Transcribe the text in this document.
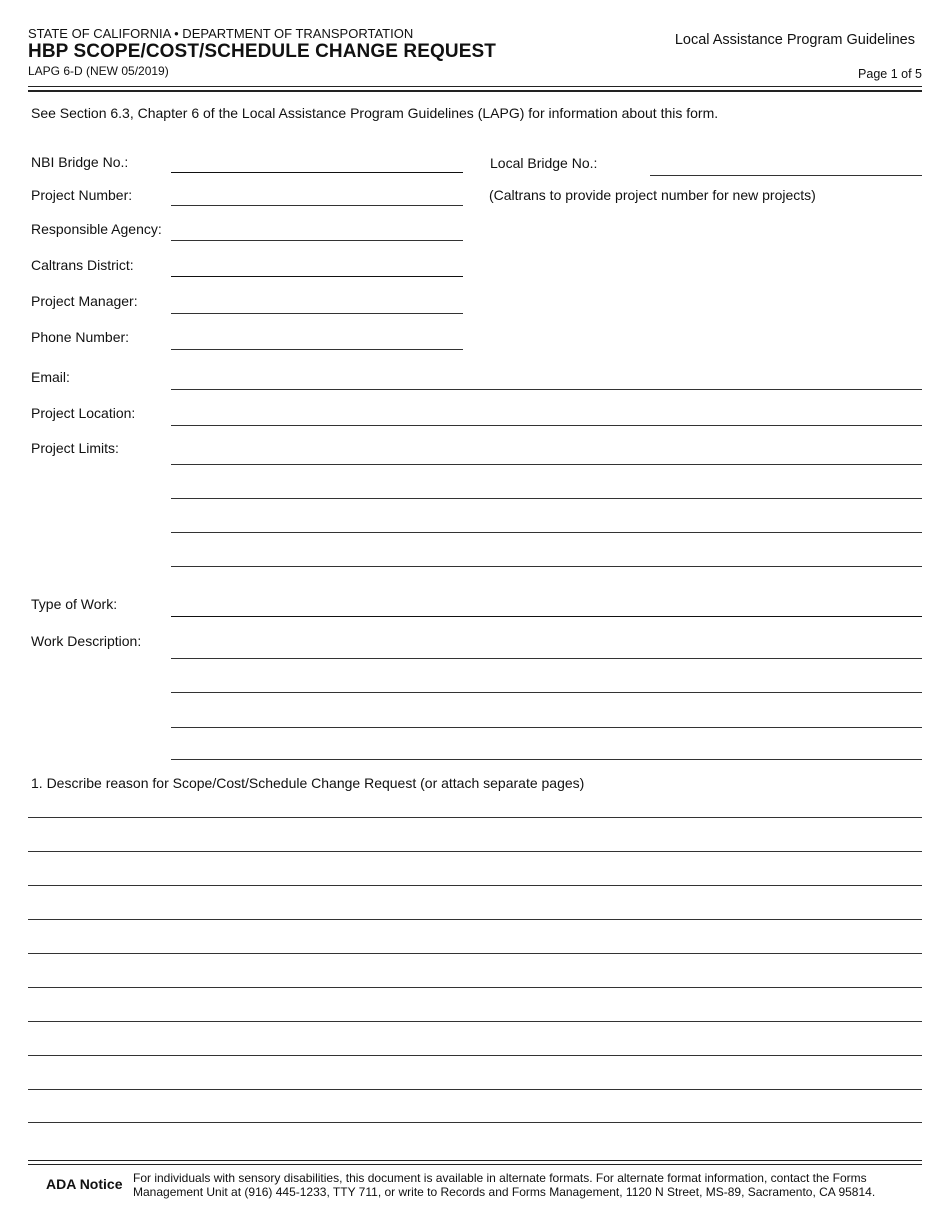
STATE OF CALIFORNIA • DEPARTMENT OF TRANSPORTATION
HBP SCOPE/COST/SCHEDULE CHANGE REQUEST
LAPG 6-D (NEW 05/2019)
Local Assistance Program Guidelines
Page 1 of 5
See Section 6.3, Chapter 6 of the Local Assistance Program Guidelines (LAPG) for information about this form.
NBI Bridge No.:	Local Bridge No.:
Project Number:	(Caltrans to provide project number for new projects)
Responsible Agency:
Caltrans District:
Project Manager:
Phone Number:
Email:
Project Location:
Project Limits:
Type of Work:
Work Description:
1. Describe reason for Scope/Cost/Schedule Change Request (or attach separate pages)
ADA Notice For individuals with sensory disabilities, this document is available in alternate formats. For alternate format information, contact the Forms Management Unit at (916) 445-1233, TTY 711, or write to Records and Forms Management, 1120 N Street, MS-89, Sacramento, CA 95814.
